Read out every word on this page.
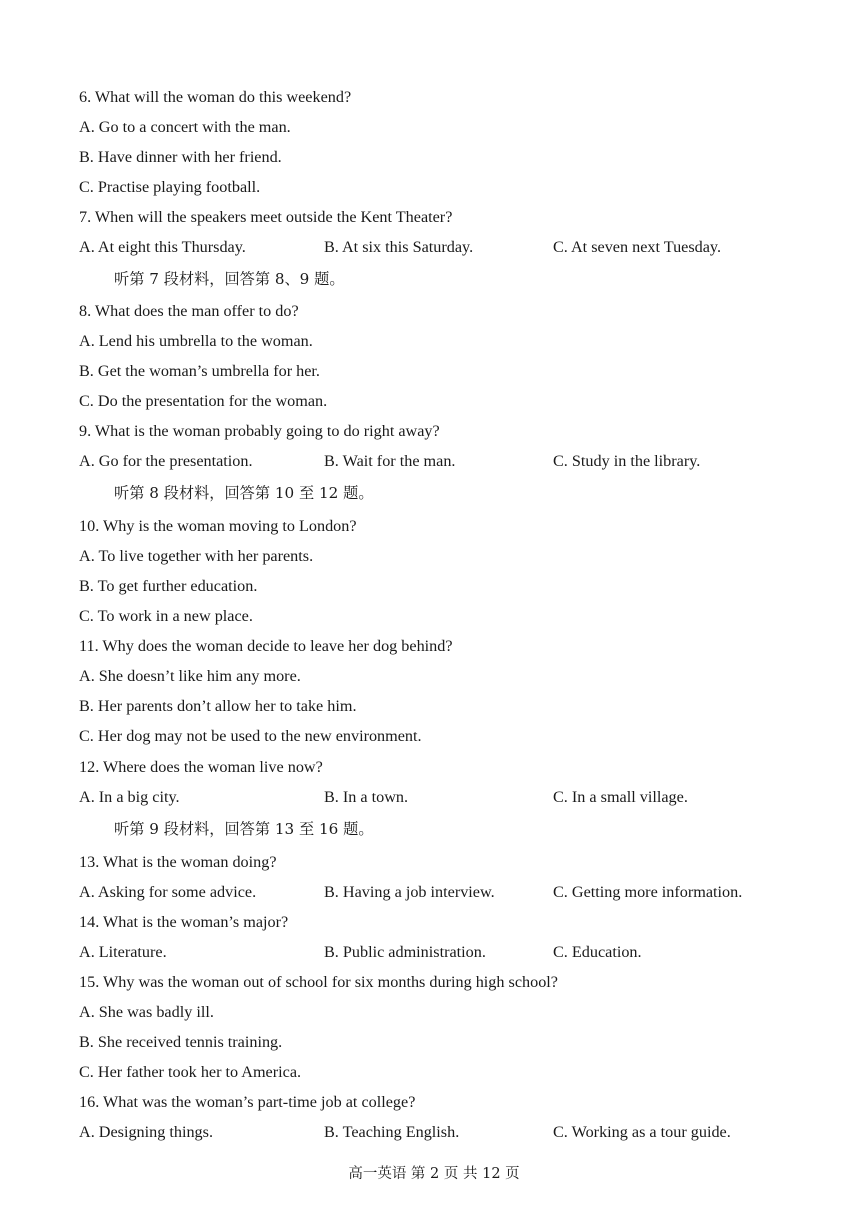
6. What will the woman do this weekend?
A. Go to a concert with the man.
B. Have dinner with her friend.
C. Practise playing football.
7. When will the speakers meet outside the Kent Theater?
A. At eight this Thursday.	B. At six this Saturday.	C. At seven next Tuesday.
听第 7 段材料，回答第 8、9 题。
8. What does the man offer to do?
A. Lend his umbrella to the woman.
B. Get the woman’s umbrella for her.
C. Do the presentation for the woman.
9. What is the woman probably going to do right away?
A. Go for the presentation.	B. Wait for the man.	C. Study in the library.
听第 8 段材料，回答第 10 至 12 题。
10. Why is the woman moving to London?
A. To live together with her parents.
B. To get further education.
C. To work in a new place.
11. Why does the woman decide to leave her dog behind?
A. She doesn’t like him any more.
B. Her parents don’t allow her to take him.
C. Her dog may not be used to the new environment.
12. Where does the woman live now?
A. In a big city.	B. In a town.	C. In a small village.
听第 9 段材料，回答第 13 至 16 题。
13. What is the woman doing?
A. Asking for some advice.	B. Having a job interview.	C. Getting more information.
14. What is the woman’s major?
A. Literature.	B. Public administration.	C. Education.
15. Why was the woman out of school for six months during high school?
A. She was badly ill.
B. She received tennis training.
C. Her father took her to America.
16. What was the woman’s part-time job at college?
A. Designing things.	B. Teaching English.	C. Working as a tour guide.
高一英语 第 2 页 共 12 页
